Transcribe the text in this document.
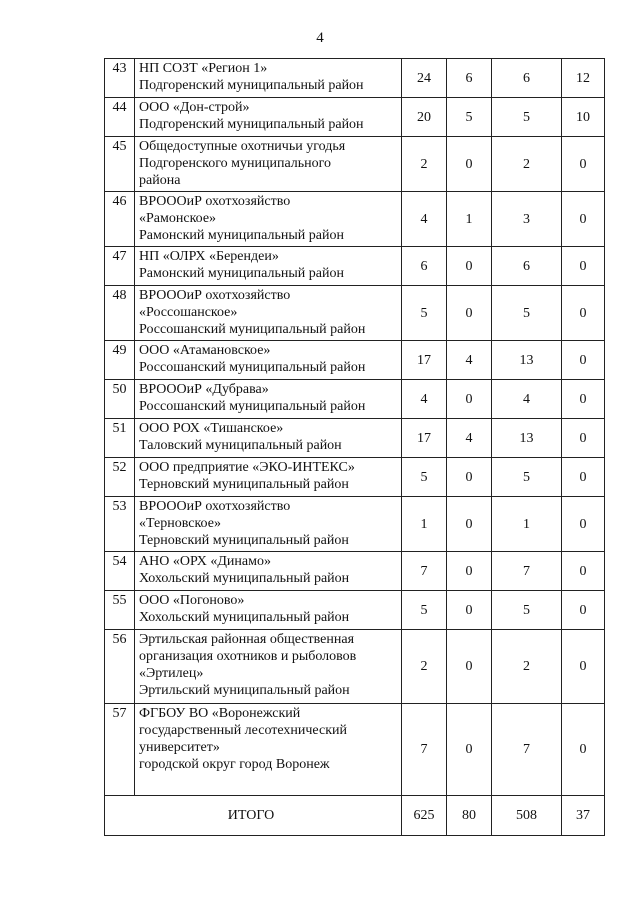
4
43	НП СОЗТ «Регион 1»
Подгоренский муниципальный район	24	6	6	12
44	ООО «Дон-строй»
Подгоренский муниципальный район	20	5	5	10
45	Общедоступные охотничьи угодья
Подгоренского муниципального
района	2	0	2	0
46	ВРОООиР охотхозяйство
«Рамонское»
Рамонский муниципальный район	4	1	3	0
47	НП «ОЛРХ «Берендеи»
Рамонский муниципальный район	6	0	6	0
48	ВРОООиР охотхозяйство
«Россошанское»
Россошанский муниципальный район	5	0	5	0
49	ООО «Атамановское»
Россошанский муниципальный район	17	4	13	0
50	ВРОООиР «Дубрава»
Россошанский муниципальный район	4	0	4	0
51	ООО РОХ «Тишанское»
Таловский муниципальный район	17	4	13	0
52	ООО предприятие «ЭКО-ИНТЕКС»
Терновский муниципальный район	5	0	5	0
53	ВРОООиР охотхозяйство
«Терновское»
Терновский муниципальный район	1	0	1	0
54	АНО «ОРХ «Динамо»
Хохольский муниципальный район	7	0	7	0
55	ООО «Погоново»
Хохольский муниципальный район	5	0	5	0
56	Эртильская районная общественная
организация охотников и рыболовов
«Эртилец»
Эртильский муниципальный район	2	0	2	0
57	ФГБОУ ВО «Воронежский
государственный лесотехнический
университет»
городской округ город Воронеж	7	0	7	0
ИТОГО		625	80	508	37
